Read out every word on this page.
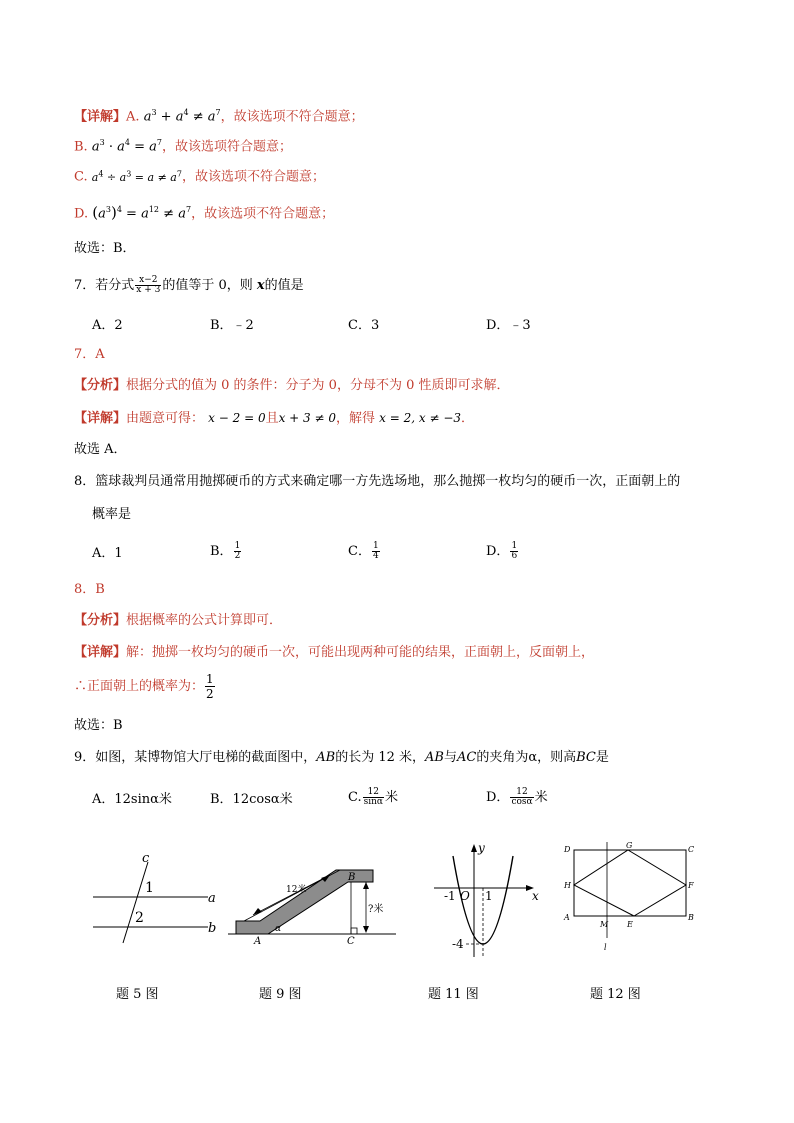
【详解】A. $a^3 + a^4 \ne a^7$，故该选项不符合题意；
B. $a^3 \cdot a^4 = a^7$，故该选项符合题意；
C. $a^4 \div a^3 = a \ne a^7$，故该选项不符合题意；
D. $(a^3)^4 = a^{12} \ne a^7$，故该选项不符合题意；
故选：B．
7．若分式 $\frac{x-2}{x + 3}$ 的值等于 0，则 x的值是
A．2	B．﹣2	C．3	D．﹣3
7．A
【分析】根据分式的值为 0 的条件：分子为 0，分母不为 0 性质即可求解．
【详解】由题意可得： x − 2 = 0且x + 3 ≠ 0，解得 x = 2, x ≠ −3．
故选 A．
8．篮球裁判员通常用抛掷硬币的方式来确定哪一方先选场地，那么抛掷一枚均匀的硬币一次，正面朝上的
概率是
A．1	B． $\frac{1}{2}$	C． $\frac{1}{4}$	D． $\frac{1}{6}$
8．B
【分析】根据概率的公式计算即可．
【详解】解：抛掷一枚均匀的硬币一次，可能出现两种可能的结果，正面朝上，反面朝上，
∴正面朝上的概率为： $\frac{1}{2}$
故选：B
9．如图，某博物馆大厅电梯的截面图中，AB的长为 12 米，AB与AC的夹角为α，则高BC是
A．12sinα米	B．12cosα米	C. $\frac{12}{\sin\alpha}$ 米	D． $\frac{12}{\cos\alpha}$ 米
c
1
2
a
b
12米
B
?米
A
α
C
y
-1 O 1	x
-4
D	G	C
H	F
A
M E
B
l
题 5 图	题 9 图	题 11 图	题 12 图
